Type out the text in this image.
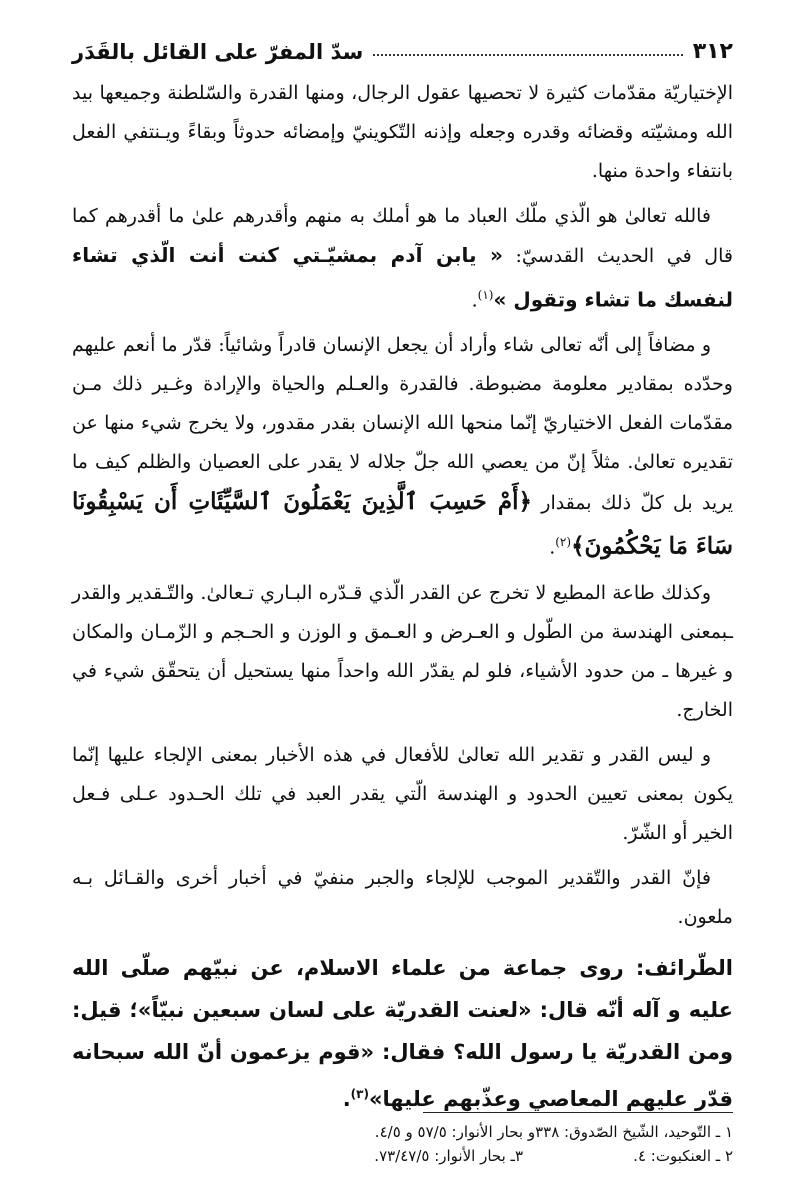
٣١٢
سدّ المفرّ على القائل بالقَدَر

الإختياريّة مقدّمات كثيرة لا تحصيها عقول الرجال، ومنها القدرة والسّلطنة وجميعها بيد الله ومشيّته وقضائه وقدره وجعله وإذنه التّكوينيّ وإمضائه حدوثاً وبقاءً ويـنتفي الفعل بانتفاء واحدة منها.

فالله تعالىٰ هو الّذي ملّك العباد ما هو أملك به منهم وأقدرهم علىٰ ما أقدرهم كما قال في الحديث القدسيّ: « يابن آدم بمشيّـتي كنت أنت الّذي تشاء لنفسك ما تشاء وتقول »$^{(١)}$.

و مضافاً إلى أنّه تعالى شاء وأراد أن يجعل الإنسان قادراً وشائياً: قدّر ما أنعم عليهم وحدّده بمقادير معلومة مضبوطة. فالقدرة والعـلم والحياة والإرادة وغـير ذلك مـن مقدّمات الفعل الاختياريّ إنّما منحها الله الإنسان بقدر مقدور، ولا يخرج شيء منها عن تقديره تعالىٰ. مثلاً إنّ من يعصي الله جلّ جلاله لا يقدر على العصيان والظلم كيف ما يريد بل كلّ ذلك بمقدار ﴿أَمْ حَسِبَ ٱلَّذِينَ يَعْمَلُونَ ٱلسَّيِّئَاتِ أَن يَسْبِقُونَا سَاءَ مَا يَحْكُمُونَ﴾$^{(٢)}$.

وكذلك طاعة المطيع لا تخرج عن القدر الّذي قـدّره البـاري تـعالىٰ. والتّـقدير والقدر ـبمعنى الهندسة من الطّول و العـرض و العـمق و الوزن و الحـجم و الزّمـان والمكان و غيرها ـ من حدود الأشياء، فلو لم يقدّر الله واحداً منها يستحيل أن يتحقّق شيء في الخارج.

و ليس القدر و تقدير الله تعالىٰ للأفعال في هذه الأخبار بمعنى الإلجاء عليها إنّما يكون بمعنى تعيين الحدود و الهندسة الّتي يقدر العبد في تلك الحـدود عـلى فـعل الخير أو الشّرّ.

فإنّ القدر والتّقدير الموجب للإلجاء والجبر منفيّ في أخبار أخرى والقـائل بـه ملعون.

الطّرائف: روى جماعة من علماء الاسلام، عن نبيّهم صلّى الله عليه و آله أنّه قال: «لعنت القدريّة على لسان سبعين نبيّاً»؛ قيل: ومن القدريّة يا رسول الله؟ فقال: «قوم يزعمون أنّ الله سبحانه قدّر عليهم المعاصي وعذّبهم عليها»$^{(٣)}$.

١ ـ التّوحيد، الشّيخ الصّدوق: ٣٣٨و بحار الأنوار: ٥٧/٥ و ٤/٥.
٢ ـ العنكبوت: ٤.
٣ـ بحار الأنوار: ٧٣/٤٧/٥.
